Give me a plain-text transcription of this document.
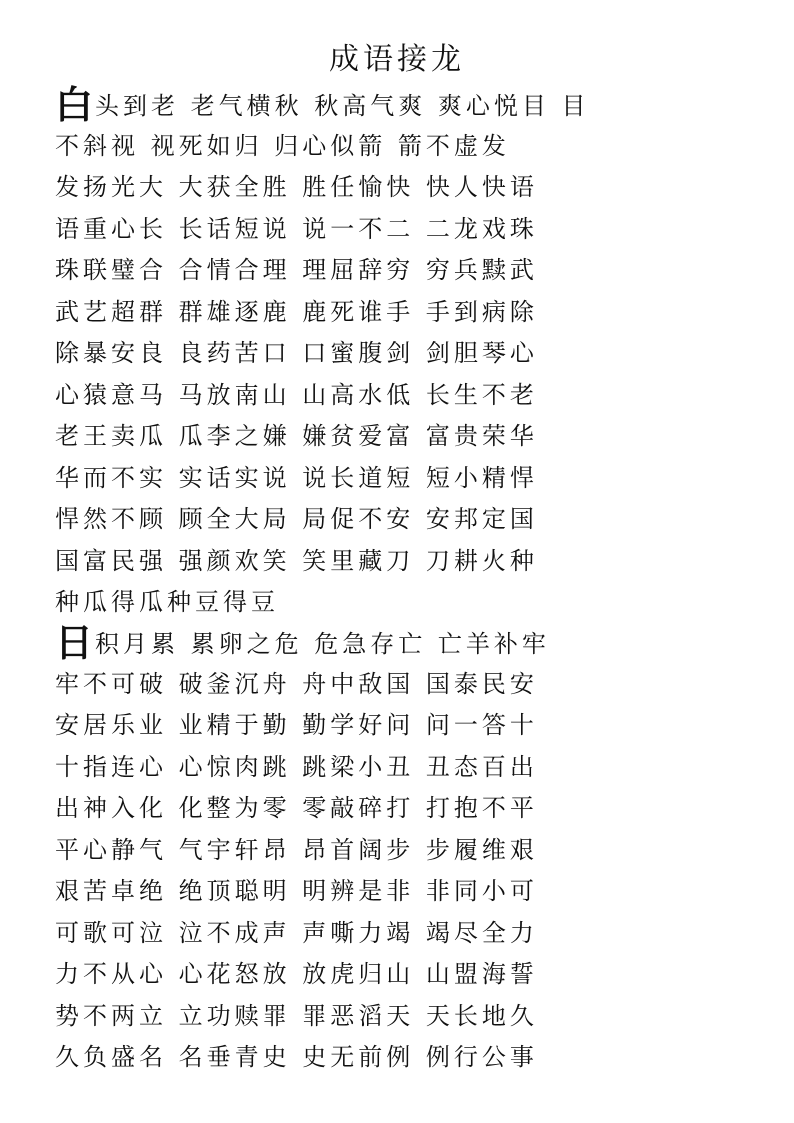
成语接龙
白头到老 老气横秋 秋高气爽 爽心悦目 目
不斜视 视死如归 归心似箭 箭不虚发
发扬光大 大获全胜 胜任愉快 快人快语
语重心长 长话短说 说一不二 二龙戏珠
珠联璧合 合情合理 理屈辞穷 穷兵黩武
武艺超群 群雄逐鹿 鹿死谁手 手到病除
除暴安良 良药苦口 口蜜腹剑 剑胆琴心
心猿意马 马放南山 山高水低 长生不老
老王卖瓜 瓜李之嫌 嫌贫爱富 富贵荣华
华而不实 实话实说 说长道短 短小精悍
悍然不顾 顾全大局 局促不安 安邦定国
国富民强 强颜欢笑 笑里藏刀 刀耕火种
种瓜得瓜种豆得豆
日积月累 累卵之危 危急存亡 亡羊补牢
牢不可破 破釜沉舟 舟中敌国 国泰民安
安居乐业 业精于勤 勤学好问 问一答十
十指连心 心惊肉跳 跳梁小丑 丑态百出
出神入化 化整为零 零敲碎打 打抱不平
平心静气 气宇轩昂 昂首阔步 步履维艰
艰苦卓绝 绝顶聪明 明辨是非 非同小可
可歌可泣 泣不成声 声嘶力竭 竭尽全力
力不从心 心花怒放 放虎归山 山盟海誓
势不两立 立功赎罪 罪恶滔天 天长地久
久负盛名 名垂青史 史无前例 例行公事
